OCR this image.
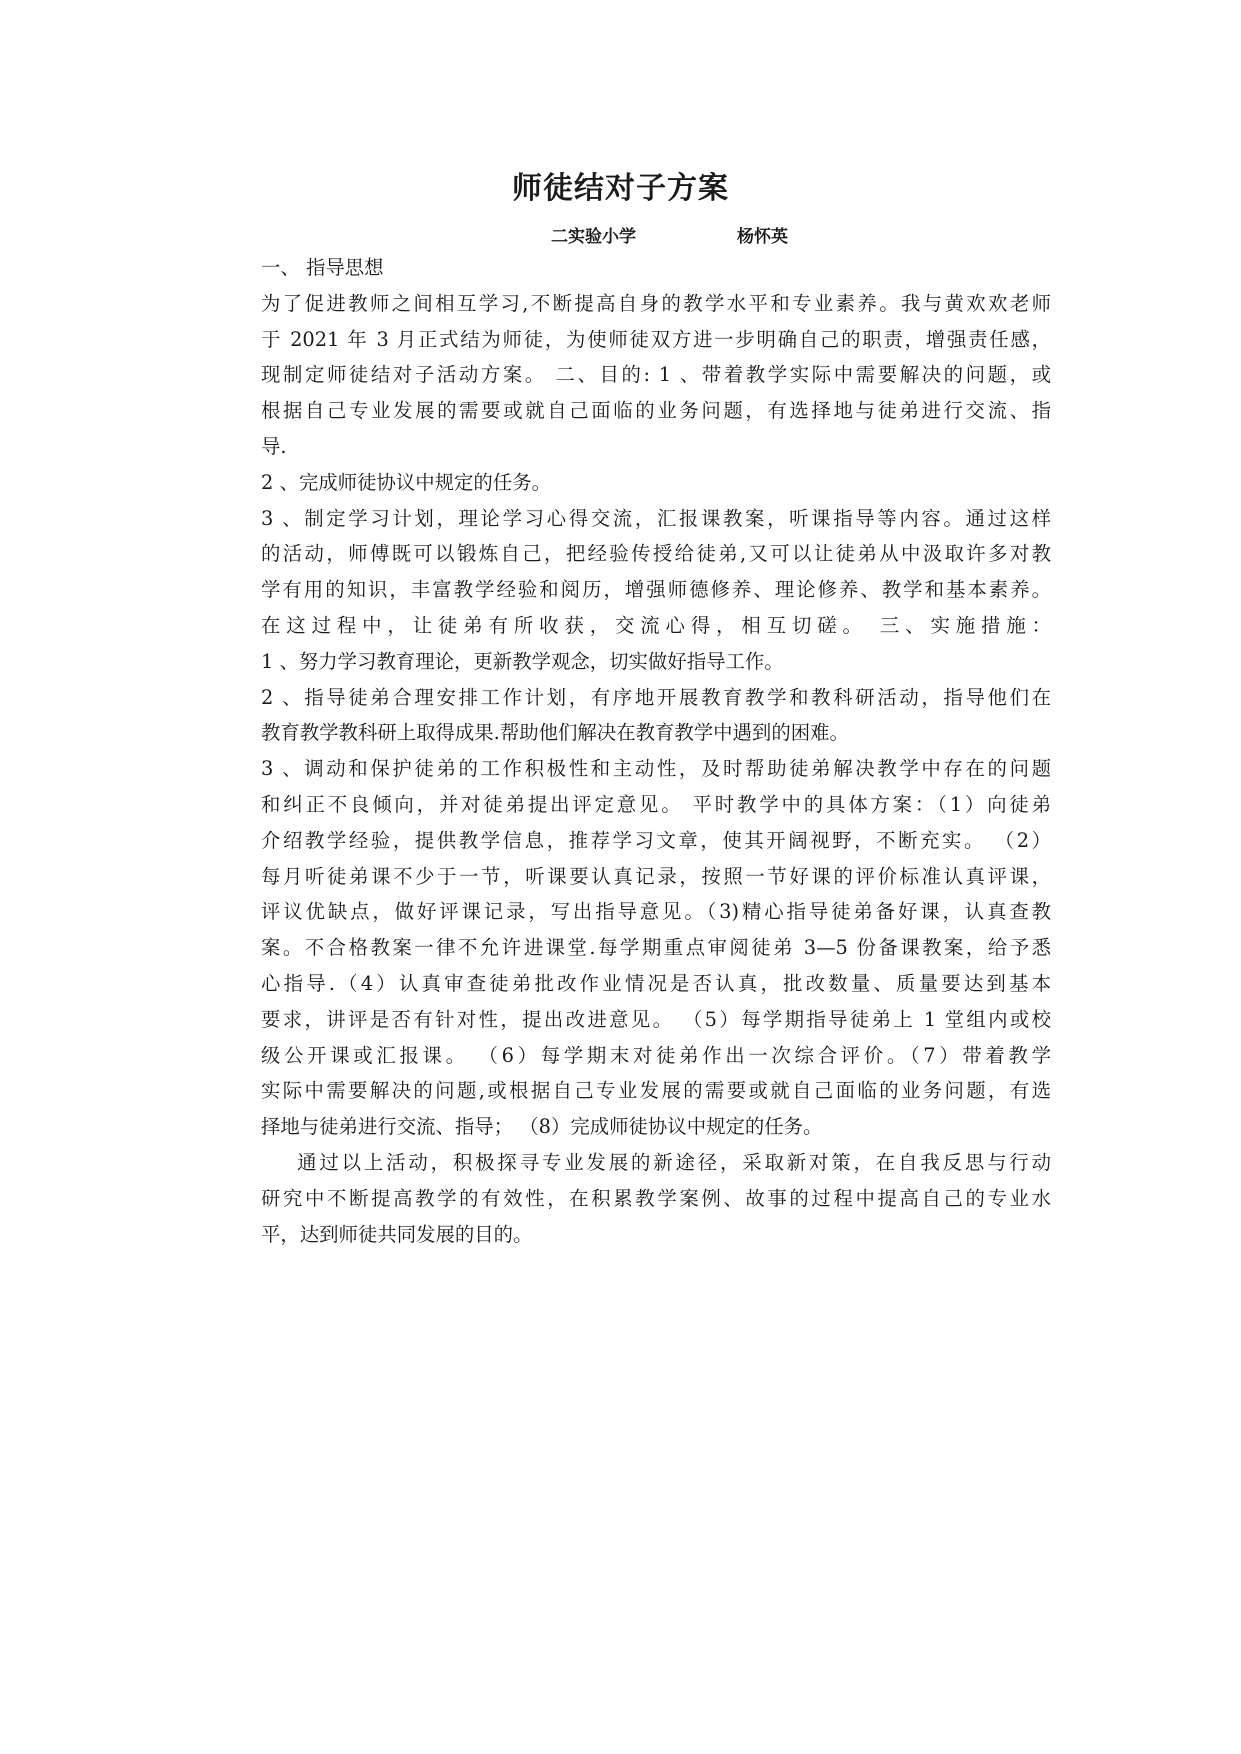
师徒结对子方案
二实验小学	杨怀英
一、 指导思想
为了促进教师之间相互学习,不断提高自身的教学水平和专业素养。我与黄欢欢老师
于 2021 年 3 月正式结为师徒，为使师徒双方进一步明确自己的职责，增强责任感，
现制定师徒结对子活动方案。 二、目的: 1 、带着教学实际中需要解决的问题，或
根据自己专业发展的需要或就自己面临的业务问题，有选择地与徒弟进行交流、指
导.
2 、完成师徒协议中规定的任务。
3 、制定学习计划，理论学习心得交流，汇报课教案，听课指导等内容。通过这样
的活动，师傅既可以锻炼自己，把经验传授给徒弟,又可以让徒弟从中汲取许多对教
学有用的知识，丰富教学经验和阅历，增强师德修养、理论修养、教学和基本素养。
在这过程中，让徒弟有所收获，交流心得，相互切磋。 三、实施措施：
1 、努力学习教育理论，更新教学观念，切实做好指导工作。
2 、指导徒弟合理安排工作计划，有序地开展教育教学和教科研活动，指导他们在
教育教学教科研上取得成果.帮助他们解决在教育教学中遇到的困难。
3 、调动和保护徒弟的工作积极性和主动性，及时帮助徒弟解决教学中存在的问题
和纠正不良倾向，并对徒弟提出评定意见。 平时教学中的具体方案：（1）向徒弟
介绍教学经验，提供教学信息，推荐学习文章，使其开阔视野，不断充实。 （2）
每月听徒弟课不少于一节，听课要认真记录，按照一节好课的评价标准认真评课，
评议优缺点，做好评课记录，写出指导意见。（3)精心指导徒弟备好课，认真查教
案。不合格教案一律不允许进课堂.每学期重点审阅徒弟 3—5 份备课教案，给予悉
心指导.（4）认真审查徒弟批改作业情况是否认真，批改数量、质量要达到基本
要求，讲评是否有针对性，提出改进意见。 （5）每学期指导徒弟上 1 堂组内或校
级公开课或汇报课。 （6）每学期末对徒弟作出一次综合评价。（7）带着教学
实际中需要解决的问题,或根据自己专业发展的需要或就自己面临的业务问题，有选
择地与徒弟进行交流、指导； （8）完成师徒协议中规定的任务。
通过以上活动，积极探寻专业发展的新途径，采取新对策，在自我反思与行动
研究中不断提高教学的有效性，在积累教学案例、故事的过程中提高自己的专业水
平，达到师徒共同发展的目的。
